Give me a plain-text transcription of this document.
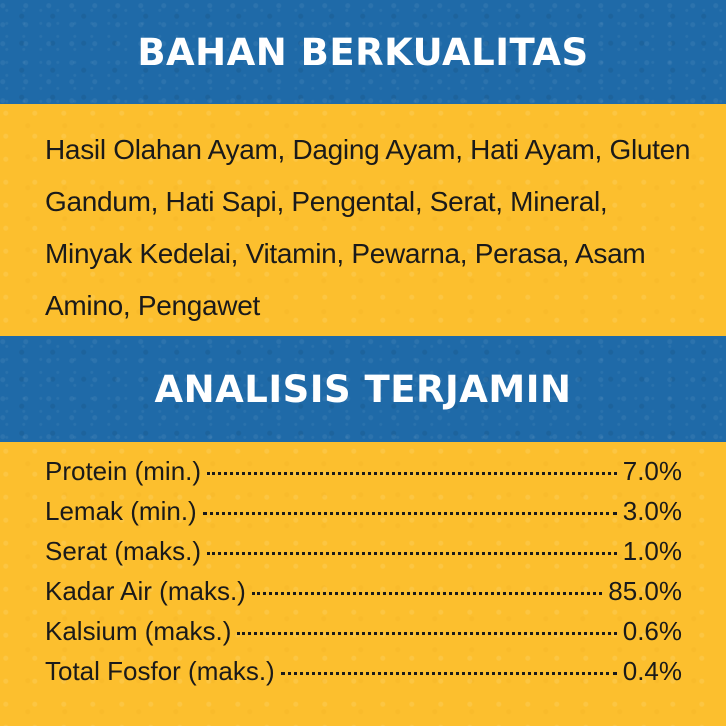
BAHAN BERKUALITAS

Hasil Olahan Ayam, Daging Ayam, Hati Ayam, Gluten Gandum, Hati Sapi, Pengental, Serat, Mineral, Minyak Kedelai, Vitamin, Pewarna, Perasa, Asam Amino, Pengawet

ANALISIS TERJAMIN
Protein (min.)	7.0%
Lemak (min.)	3.0%
Serat (maks.)	1.0%
Kadar Air (maks.)	85.0%
Kalsium (maks.)	0.6%
Total Fosfor (maks.)	0.4%
